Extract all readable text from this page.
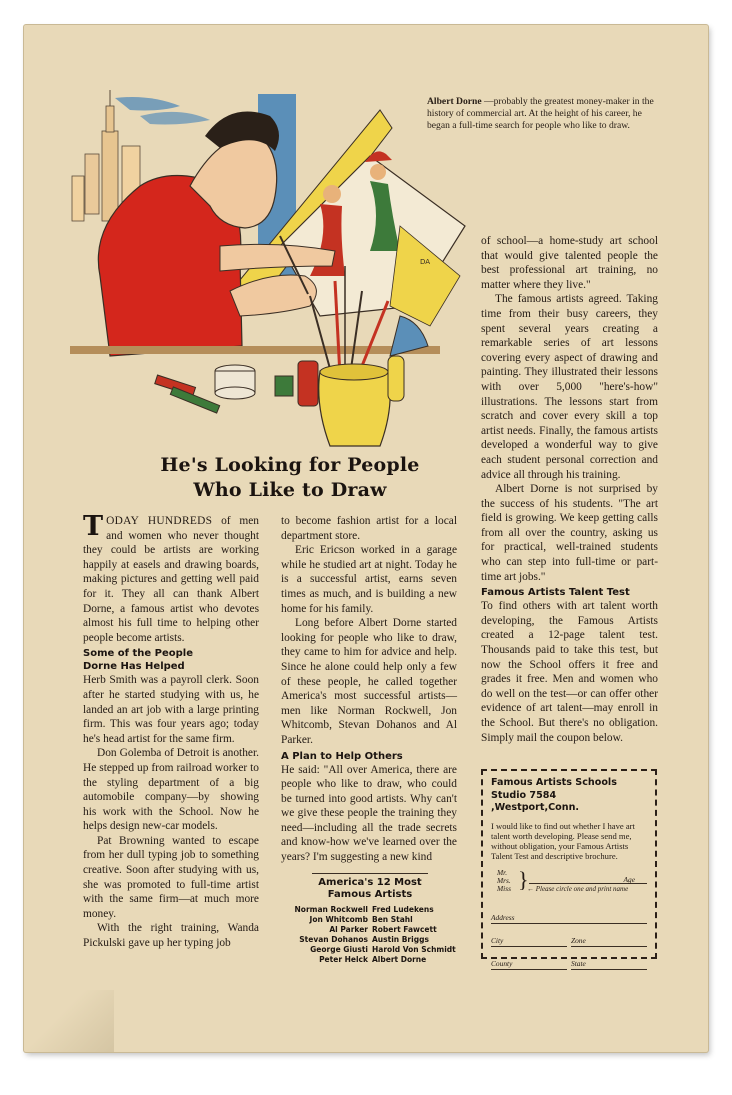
DA
Albert Dorne —probably the greatest money-maker in the history of commercial art. At the height of his career, he began a full-time search for people who like to draw.
He's Looking for People
Who Like to Draw

TODAY HUNDREDS of men and women who never thought they could be artists are working happily at easels and drawing boards, making pictures and getting well paid for it. They all can thank Albert Dorne, a famous artist who devotes almost his full time to helping other people become artists.

Some of the People
Dorne Has Helped

Herb Smith was a payroll clerk. Soon after he started studying with us, he landed an art job with a large printing firm. This was four years ago; today he's head artist for the same firm.

Don Golemba of Detroit is another. He stepped up from railroad worker to the styling department of a big automobile company—by showing his work with the School. Now he helps design new-car models.

Pat Browning wanted to escape from her dull typing job to something creative. Soon after studying with us, she was promoted to full-time artist with the same firm—at much more money.

With the right training, Wanda Pickulski gave up her typing job

to become fashion artist for a local department store.

Eric Ericson worked in a garage while he studied art at night. Today he is a successful artist, earns seven times as much, and is building a new home for his family.

Long before Albert Dorne started looking for people who like to draw, they came to him for advice and help. Since he alone could help only a few of these people, he called together America's most successful artists—men like Norman Rockwell, Jon Whitcomb, Stevan Dohanos and Al Parker.

A Plan to Help Others

He said: "All over America, there are people who like to draw, who could be turned into good artists. Why can't we give these people the training they need—including all the trade secrets and know-how we've learned over the years? I'm suggesting a new kind

America's 12 Most
Famous Artists
Norman Rockwell	Fred Ludekens
Jon Whitcomb	Ben Stahl
Al Parker	Robert Fawcett
Stevan Dohanos	Austin Briggs
George Giusti	Harold Von Schmidt
Peter Helck	Albert Dorne

of school—a home-study art school that would give talented people the best professional art training, no matter where they live."

The famous artists agreed. Taking time from their busy careers, they spent several years creating a remarkable series of art lessons covering every aspect of drawing and painting. They illustrated their lessons with over 5,000 "here's-how" illustrations. The lessons start from scratch and cover every skill a top artist needs. Finally, the famous artists developed a wonderful way to give each student personal correction and advice all through his training.

Albert Dorne is not surprised by the success of his students. "The art field is growing. We keep getting calls from all over the country, asking us for practical, well-trained students who can step into full-time or part-time art jobs."

Famous Artists Talent Test

To find others with art talent worth developing, the Famous Artists created a 12-page talent test. Thousands paid to take this test, but now the School offers it free and grades it free. Men and women who do well on the test—or can offer other evidence of art talent—may enroll in the School. But there's no obligation. Simply mail the coupon below.

Famous Artists Schools
Studio 7584 ,Westport,Conn.
I would like to find out whether I have art talent worth developing. Please send me, without obligation, your Famous Artists Talent Test and descriptive brochure.
Mr.
Mrs.
Miss }	Age
← Please circle one and print name
Address
City	Zone
County	State
